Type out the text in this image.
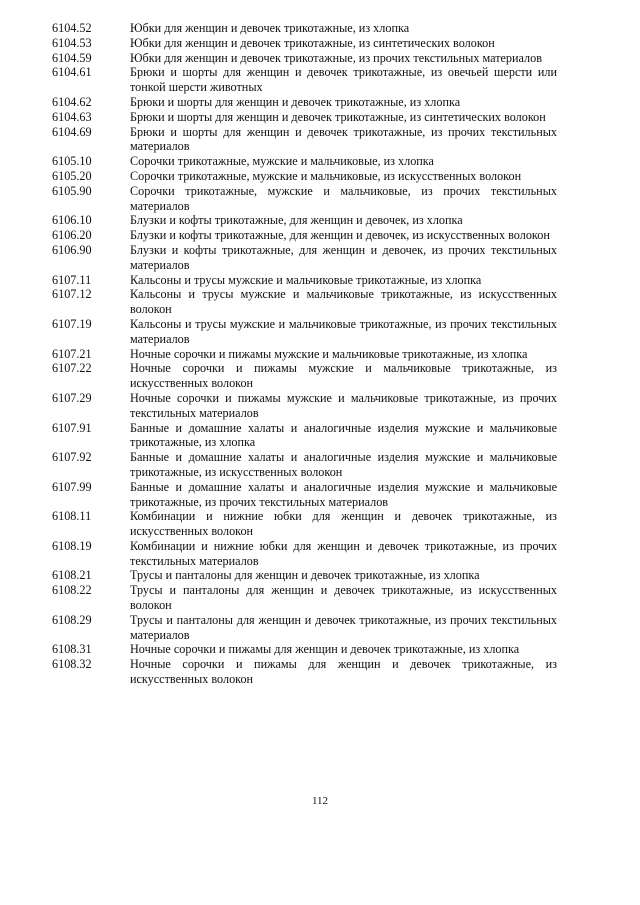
6104.52	Юбки для женщин и девочек трикотажные, из хлопка
6104.53	Юбки для женщин и девочек трикотажные, из синтетических волокон
6104.59	Юбки для женщин и девочек трикотажные, из прочих текстильных материалов
6104.61	Брюки и шорты для женщин и девочек трикотажные, из овечьей шерсти или тонкой шерсти животных
6104.62	Брюки и шорты для женщин и девочек трикотажные, из хлопка
6104.63	Брюки и шорты для женщин и девочек трикотажные, из синтетических волокон
6104.69	Брюки и шорты для женщин и девочек трикотажные, из прочих текстильных материалов
6105.10	Сорочки трикотажные, мужские и мальчиковые, из хлопка
6105.20	Сорочки трикотажные, мужские и мальчиковые, из искусственных волокон
6105.90	Сорочки трикотажные, мужские и мальчиковые, из прочих текстильных материалов
6106.10	Блузки и кофты трикотажные, для женщин и девочек, из хлопка
6106.20	Блузки и кофты трикотажные, для женщин и девочек, из искусственных волокон
6106.90	Блузки и кофты трикотажные, для женщин и девочек, из прочих текстильных материалов
6107.11	Кальсоны и трусы мужские и мальчиковые трикотажные, из хлопка
6107.12	Кальсоны и трусы мужские и мальчиковые трикотажные, из искусственных волокон
6107.19	Кальсоны и трусы мужские и мальчиковые трикотажные, из прочих текстильных материалов
6107.21	Ночные сорочки и пижамы мужские и мальчиковые трикотажные, из хлопка
6107.22	Ночные сорочки и пижамы мужские и мальчиковые трикотажные, из искусственных волокон
6107.29	Ночные сорочки и пижамы мужские и мальчиковые трикотажные, из прочих текстильных материалов
6107.91	Банные и домашние халаты и аналогичные изделия мужские и мальчиковые трикотажные, из хлопка
6107.92	Банные и домашние халаты и аналогичные изделия мужские и мальчиковые трикотажные, из искусственных волокон
6107.99	Банные и домашние халаты и аналогичные изделия мужские и мальчиковые трикотажные, из прочих текстильных материалов
6108.11	Комбинации и нижние юбки для женщин и девочек трикотажные, из искусственных волокон
6108.19	Комбинации и нижние юбки для женщин и девочек трикотажные, из прочих текстильных материалов
6108.21	Трусы и панталоны для женщин и девочек трикотажные, из хлопка
6108.22	Трусы и панталоны для женщин и девочек трикотажные, из искусственных волокон
6108.29	Трусы и панталоны для женщин и девочек трикотажные, из прочих текстильных материалов
6108.31	Ночные сорочки и пижамы для женщин и девочек трикотажные, из хлопка
6108.32	Ночные сорочки и пижамы для женщин и девочек трикотажные, из искусственных волокон
112
